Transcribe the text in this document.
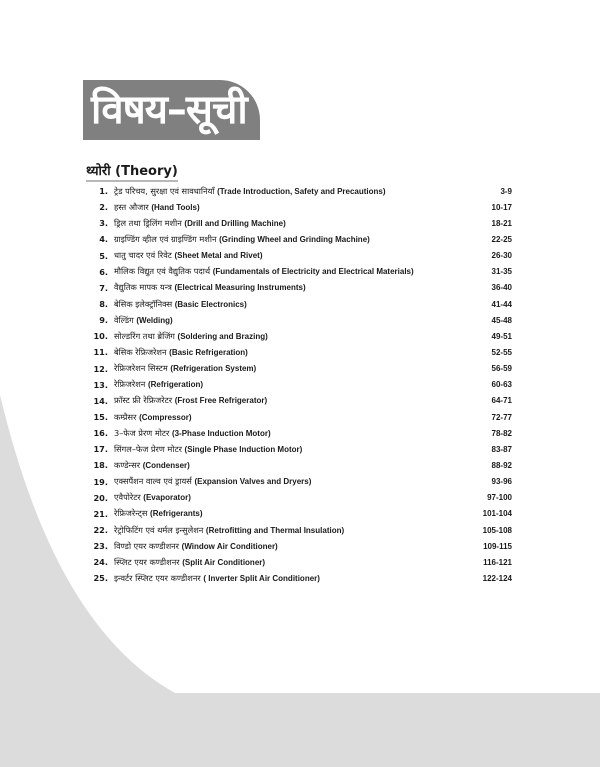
विषय–सूची
थ्योरी (Theory)
1. ट्रेड परिचय, सुरक्षा एवं सावधानियाँ (Trade Introduction, Safety and Precautions)	3-9
2. हस्त औजार (Hand Tools)	10-17
3. ड्रिल तथा ड्रिलिंग मशीन (Drill and Drilling Machine)	18-21
4. ग्राइण्डिंग व्हील एवं ग्राइण्डिंग मशीन (Grinding Wheel and Grinding Machine)	22-25
5. धातु चादर एवं रिवेट (Sheet Metal and Rivet)	26-30
6. मौलिक विद्युत एवं वैद्युतिक पदार्थ (Fundamentals of Electricity and Electrical Materials)	31-35
7. वैद्युतिक मापक यन्त्र (Electrical Measuring Instruments)	36-40
8. बेसिक इलेक्ट्रॉनिक्स (Basic Electronics)	41-44
9. वेल्डिंग (Welding)	45-48
10. सोल्डरिंग तथा ब्रेजिंग (Soldering and Brazing)	49-51
11. बेसिक रेफ्रिजरेशन (Basic Refrigeration)	52-55
12. रेफ्रिजरेशन सिस्टम (Refrigeration System)	56-59
13. रेफ्रिजरेशन (Refrigeration)	60-63
14. फ्रॉस्ट फ्री रेफ्रिजरेटर (Frost Free Refrigerator)	64-71
15. कम्प्रैसर (Compressor)	72-77
16. 3–फेज प्रेरण मोटर (3-Phase Induction Motor)	78-82
17. सिंगल–फेज प्रेरण मोटर (Single Phase Induction Motor)	83-87
18. कण्डेन्सर (Condenser)	88-92
19. एक्सपैंशन वाल्व एवं ड्रायर्स (Expansion Valves and Dryers)	93-96
20. एवैपोरेटर (Evaporator)	97-100
21. रेफ्रिजरेन्ट्स (Refrigerants)	101-104
22. रेट्रोफिटिंग एवं थर्मल इन्सुलेशन (Retrofitting and Thermal Insulation)	105-108
23. विण्डो एयर कण्डीशनर (Window Air Conditioner)	109-115
24. स्प्लिट एयर कण्डीशनर (Split Air Conditioner)	116-121
25. इन्वर्टर स्प्लिट एयर कण्डीशनर ( Inverter Split Air Conditioner)	122-124
